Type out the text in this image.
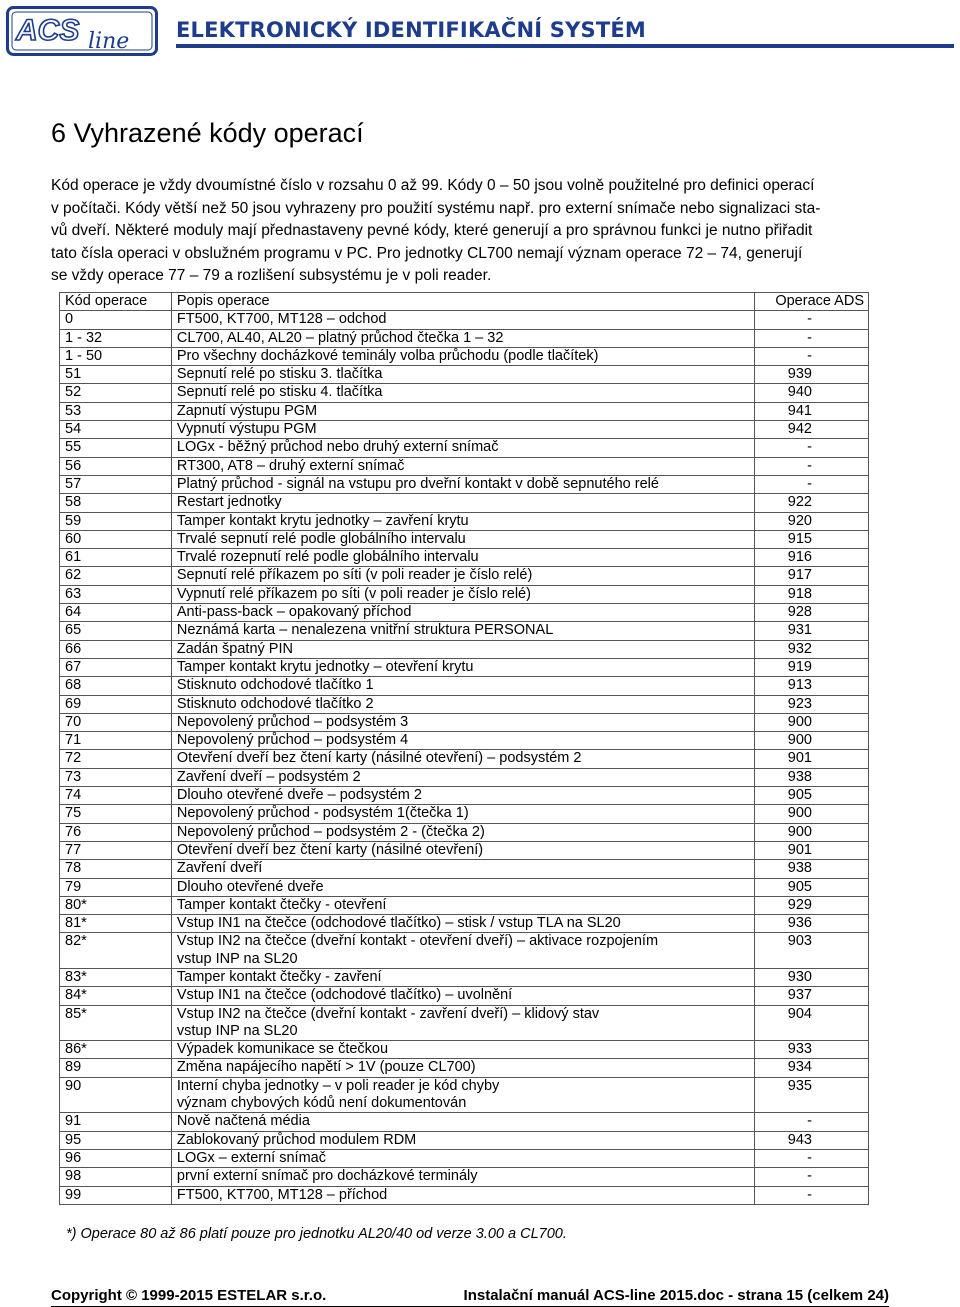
ACS line ELEKTRONICKÝ IDENTIFIKAČNÍ SYSTÉM
6 Vyhrazené kódy operací

Kód operace je vždy dvoumístné číslo v rozsahu 0 až 99. Kódy 0 – 50 jsou volně použitelné pro definici operací

v počítači. Kódy větší než 50 jsou vyhrazeny pro použití systému např. pro externí snímače nebo signalizaci sta-

vů dveří. Některé moduly mají přednastaveny pevné kódy, které generují a pro správnou funkci je nutno přiřadit

tato čísla operaci v obslužném programu v PC. Pro jednotky CL700 nemají význam operace 72 – 74, generují

se vždy operace 77 – 79 a rozlišení subsystému je v poli reader.

Kód operace	Popis operace	Operace ADS
0	FT500, KT700, MT128 – odchod	-
1 - 32	CL700, AL40, AL20 – platný průchod čtečka 1 – 32	-
1 - 50	Pro všechny docházkové teminály volba průchodu (podle tlačítek)	-
51	Sepnutí relé po stisku 3. tlačítka	939
52	Sepnutí relé po stisku 4. tlačítka	940
53	Zapnutí výstupu PGM	941
54	Vypnutí výstupu PGM	942
55	LOGx - běžný průchod nebo druhý externí snímač	-
56	RT300, AT8 – druhý externí snímač	-
57	Platný průchod - signál na vstupu pro dveřní kontakt v době sepnutého relé	-
58	Restart jednotky	922
59	Tamper kontakt krytu jednotky – zavření krytu	920
60	Trvalé sepnutí relé podle globálního intervalu	915
61	Trvalé rozepnutí relé podle globálního intervalu	916
62	Sepnutí relé příkazem po síti (v poli reader je číslo relé)	917
63	Vypnutí relé příkazem po síti (v poli reader je číslo relé)	918
64	Anti-pass-back – opakovaný příchod	928
65	Neznámá karta – nenalezena vnitřní struktura PERSONAL	931
66	Zadán špatný PIN	932
67	Tamper kontakt krytu jednotky – otevření krytu	919
68	Stisknuto odchodové tlačítko 1	913
69	Stisknuto odchodové tlačítko 2	923
70	Nepovolený průchod – podsystém 3	900
71	Nepovolený průchod – podsystém 4	900
72	Otevření dveří bez čtení karty (násilné otevření) – podsystém 2	901
73	Zavření dveří – podsystém 2	938
74	Dlouho otevřené dveře – podsystém 2	905
75	Nepovolený průchod - podsystém 1(čtečka 1)	900
76	Nepovolený průchod – podsystém 2 - (čtečka 2)	900
77	Otevření dveří bez čtení karty (násilné otevření)	901
78	Zavření dveří	938
79	Dlouho otevřené dveře	905
80*	Tamper kontakt čtečky - otevření	929
81*	Vstup IN1 na čtečce (odchodové tlačítko) – stisk / vstup TLA na SL20	936
82*	Vstup IN2 na čtečce (dveřní kontakt - otevření dveří) – aktivace rozpojením
vstup INP na SL20	903
83*	Tamper kontakt čtečky - zavření	930
84*	Vstup IN1 na čtečce (odchodové tlačítko) – uvolnění	937
85*	Vstup IN2 na čtečce (dveřní kontakt - zavření dveří) – klidový stav
vstup INP na SL20	904
86*	Výpadek komunikace se čtečkou	933
89	Změna napájecího napětí > 1V (pouze CL700)	934
90	Interní chyba jednotky – v poli reader je kód chyby
význam chybových kódů není dokumentován	935
91	Nově načtená média	-
95	Zablokovaný průchod modulem RDM	943
96	LOGx – externí snímač	-
98	první externí snímač pro docházkové terminály	-
99	FT500, KT700, MT128 – příchod	-
*) Operace 80 až 86 platí pouze pro jednotku AL20/40 od verze 3.00 a CL700.
Copyright © 1999-2015 ESTELAR s.r.o.	Instalační manuál ACS-line 2015.doc - strana 15 (celkem 24)
